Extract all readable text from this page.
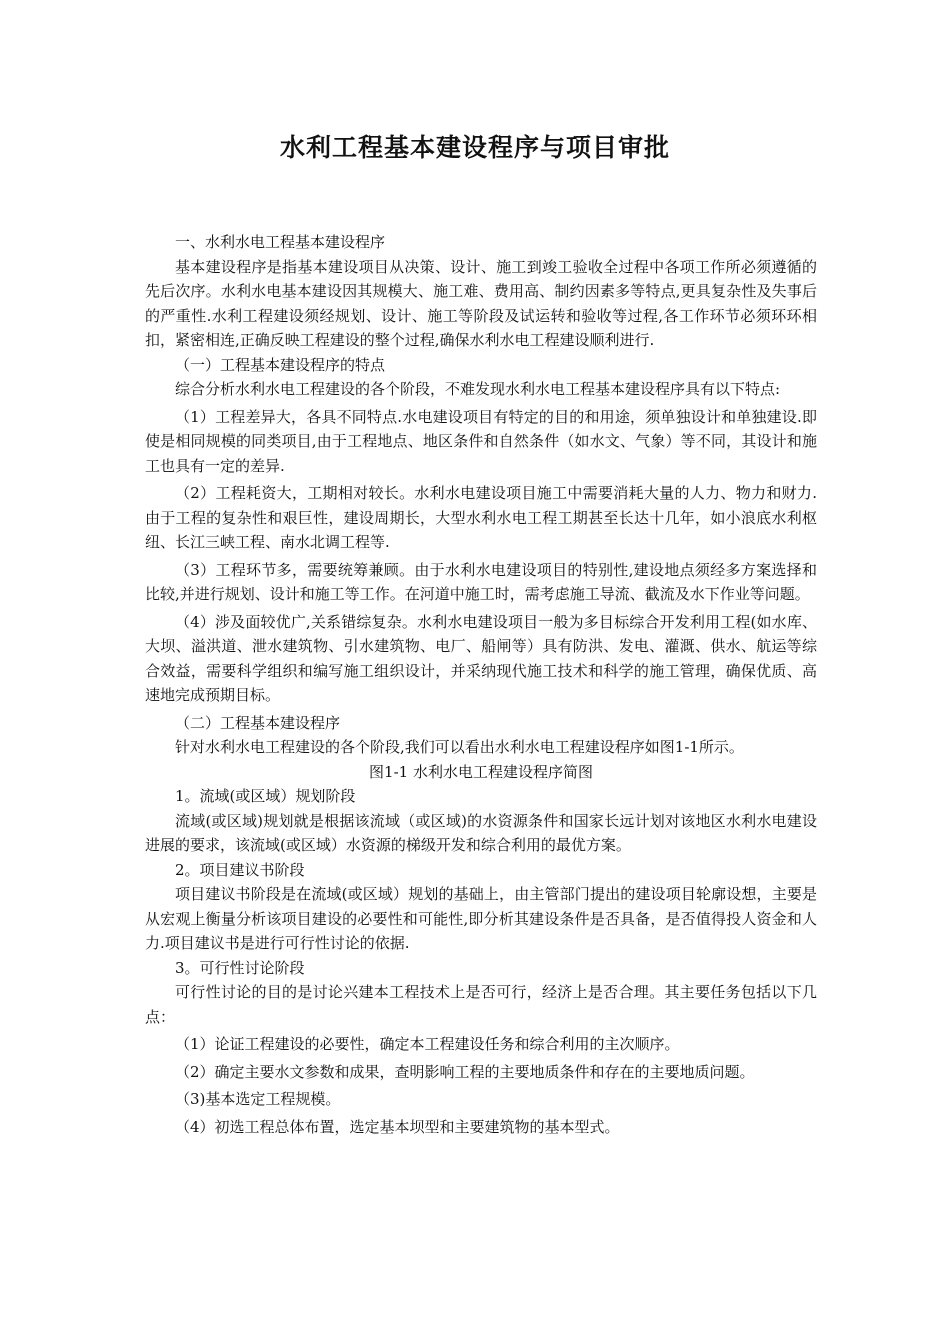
水利工程基本建设程序与项目审批

一、水利水电工程基本建设程序

基本建设程序是指基本建设项目从决策、设计、施工到竣工验收全过程中各项工作所必须遵循的先后次序。水利水电基本建设因其规模大、施工难、费用高、制约因素多等特点,更具复杂性及失事后的严重性.水利工程建设须经规划、设计、施工等阶段及试运转和验收等过程,各工作环节必须环环相扣，紧密相连,正确反映工程建设的整个过程,确保水利水电工程建设顺利进行.

（一）工程基本建设程序的特点

综合分析水利水电工程建设的各个阶段，不难发现水利水电工程基本建设程序具有以下特点:

（1）工程差异大，各具不同特点.水电建设项目有特定的目的和用途，须单独设计和单独建设.即使是相同规模的同类项目,由于工程地点、地区条件和自然条件（如水文、气象）等不同，其设计和施工也具有一定的差异.

（2）工程耗资大，工期相对较长。水利水电建设项目施工中需要消耗大量的人力、物力和财力.由于工程的复杂性和艰巨性，建设周期长，大型水利水电工程工期甚至长达十几年，如小浪底水利枢纽、长江三峡工程、南水北调工程等.

（3）工程环节多，需要统筹兼顾。由于水利水电建设项目的特别性,建设地点须经多方案选择和比较,并进行规划、设计和施工等工作。在河道中施工时，需考虑施工导流、截流及水下作业等问题。

（4）涉及面较优广,关系错综复杂。水利水电建设项目一般为多目标综合开发利用工程(如水库、大坝、溢洪道、泄水建筑物、引水建筑物、电厂、船闸等）具有防洪、发电、灌溉、供水、航运等综合效益，需要科学组织和编写施工组织设计，并采纳现代施工技术和科学的施工管理，确保优质、高速地完成预期目标。

（二）工程基本建设程序

针对水利水电工程建设的各个阶段,我们可以看出水利水电工程建设程序如图1-1所示。

图1-1 水利水电工程建设程序简图

1。流域(或区域）规划阶段

流域(或区域)规划就是根据该流域（或区域)的水资源条件和国家长远计划对该地区水利水电建设进展的要求，该流域(或区域）水资源的梯级开发和综合利用的最优方案。

2。项目建议书阶段

项目建议书阶段是在流域(或区域）规划的基础上，由主管部门提出的建设项目轮廓设想，主要是从宏观上衡量分析该项目建设的必要性和可能性,即分析其建设条件是否具备，是否值得投人资金和人力.项目建议书是进行可行性讨论的依据.

3。可行性讨论阶段

可行性讨论的目的是讨论兴建本工程技术上是否可行，经济上是否合理。其主要任务包括以下几点：

（1）论证工程建设的必要性，确定本工程建设任务和综合利用的主次顺序。

（2）确定主要水文参数和成果，查明影响工程的主要地质条件和存在的主要地质问题。

（3)基本选定工程规模。

（4）初选工程总体布置，选定基本坝型和主要建筑物的基本型式。
